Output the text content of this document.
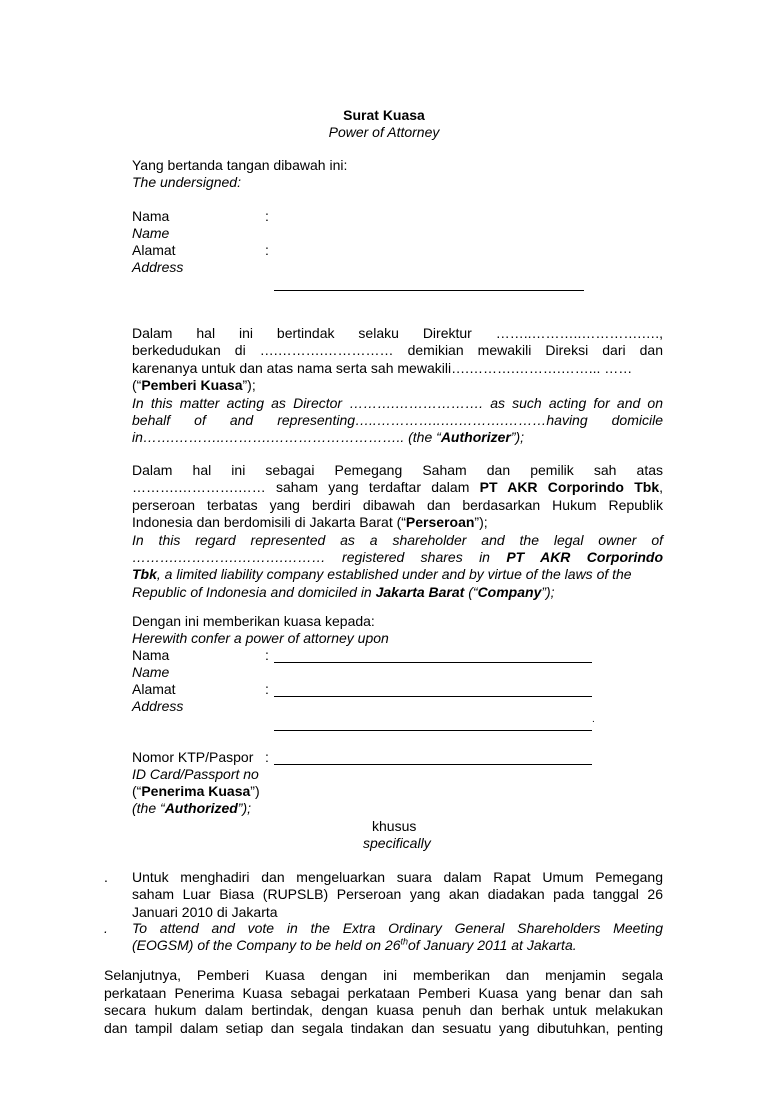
Surat Kuasa
Power of Attorney
Yang bertanda tangan dibawah ini:
The undersigned:
Nama	:
Name
Alamat	:
Address
Dalam hal ini bertindak selaku Direktur ……..………..………….….,
berkedudukan di ….……….…………… demikian mewakili Direksi dari dan
karenanya untuk dan atas nama serta sah mewakili….……….……….……... ……
(“Pemberi Kuasa”);
In this matter acting as Director ……….………………. as such acting for and on
behalf of and representing…..…………..….……….………having domicile
in…….………..……….……………………….. (the “Authorizer”);
Dalam hal ini sebagai Pemegang Saham dan pemilik sah atas
……….………….…… saham yang terdaftar dalam PT AKR Corporindo Tbk,
perseroan terbatas yang berdiri dibawah dan berdasarkan Hukum Republik
Indonesia dan berdomisili di Jakarta Barat (“Perseroan”);
In this regard represented as a shareholder and the legal owner of
……….………….……….……… registered shares in PT AKR Corporindo
Tbk, a limited liability company established under and by virtue of the laws of the
Republic of Indonesia and domiciled in Jakarta Barat (“Company”);
Dengan ini memberikan kuasa kepada:
Herewith confer a power of attorney upon
Nama	:
Name
Alamat	:
Address
.
Nomor KTP/Paspor :
ID Card/Passport no
(“Penerima Kuasa”)
(the “Authorized”);
khusus
specifically
. Untuk menghadiri dan mengeluarkan suara dalam Rapat Umum Pemegang
saham Luar Biasa (RUPSLB) Perseroan yang akan diadakan pada tanggal 26
Januari 2010 di Jakarta
. To attend and vote in the Extra Ordinary General Shareholders Meeting
(EOGSM) of the Company to be held on 26thof January 2011 at Jakarta.
Selanjutnya, Pemberi Kuasa dengan ini memberikan dan menjamin segala
perkataan Penerima Kuasa sebagai perkataan Pemberi Kuasa yang benar dan sah
secara hukum dalam bertindak, dengan kuasa penuh dan berhak untuk melakukan
dan tampil dalam setiap dan segala tindakan dan sesuatu yang dibutuhkan, penting
